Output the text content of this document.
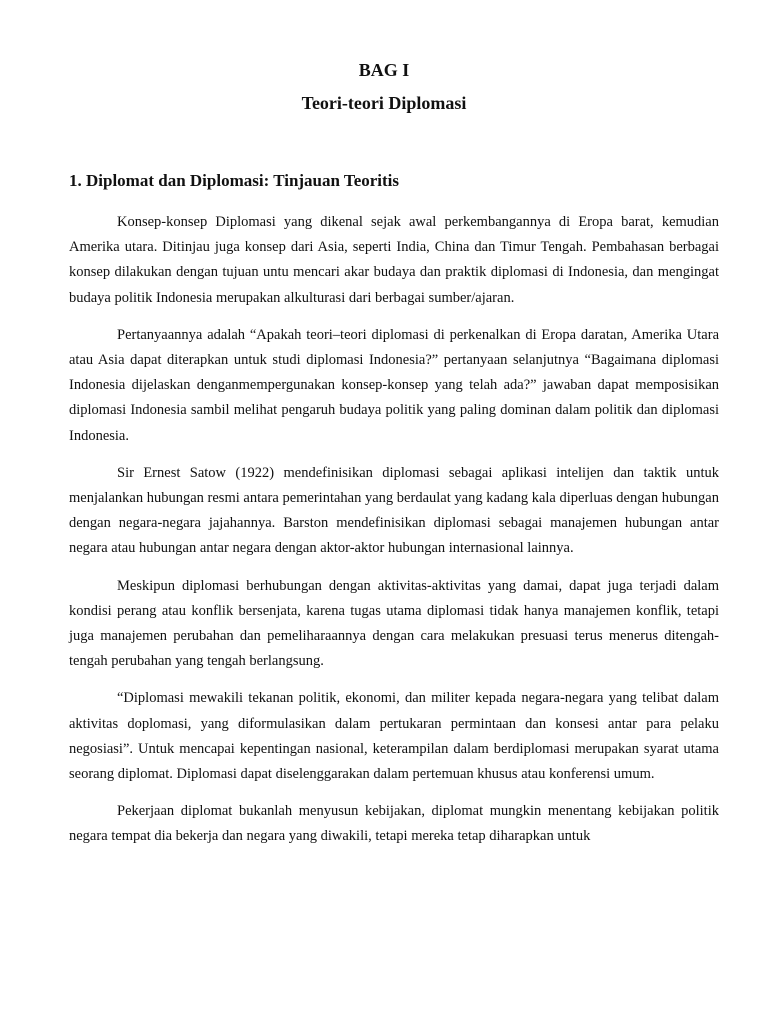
BAG I
Teori-teori Diplomasi
1. Diplomat dan Diplomasi: Tinjauan Teoritis

Konsep-konsep Diplomasi yang dikenal sejak awal perkembangannya di Eropa barat, kemudian Amerika utara. Ditinjau juga konsep dari Asia, seperti India, China dan Timur Tengah. Pembahasan berbagai konsep dilakukan dengan tujuan untu mencari akar budaya dan praktik diplomasi di Indonesia, dan mengingat budaya politik Indonesia merupakan alkulturasi dari berbagai sumber/ajaran.

Pertanyaannya adalah “Apakah teori–teori diplomasi di perkenalkan di Eropa daratan, Amerika Utara atau Asia dapat diterapkan untuk studi diplomasi Indonesia?” pertanyaan selanjutnya “Bagaimana diplomasi Indonesia dijelaskan denganmempergunakan konsep-konsep yang telah ada?” jawaban dapat memposisikan diplomasi Indonesia sambil melihat pengaruh budaya politik yang paling dominan dalam politik dan diplomasi Indonesia.

Sir Ernest Satow (1922) mendefinisikan diplomasi sebagai aplikasi intelijen dan taktik untuk menjalankan hubungan resmi antara pemerintahan yang berdaulat yang kadang kala diperluas dengan hubungan dengan negara-negara jajahannya. Barston mendefinisikan diplomasi sebagai manajemen hubungan antar negara atau hubungan antar negara dengan aktor-aktor hubungan internasional lainnya.

Meskipun diplomasi berhubungan dengan aktivitas-aktivitas yang damai, dapat juga terjadi dalam kondisi perang atau konflik bersenjata, karena tugas utama diplomasi tidak hanya manajemen konflik, tetapi juga manajemen perubahan dan pemeliharaannya dengan cara melakukan presuasi terus menerus ditengah-tengah perubahan yang tengah berlangsung.

“Diplomasi mewakili tekanan politik, ekonomi, dan militer kepada negara-negara yang telibat dalam aktivitas doplomasi, yang diformulasikan dalam pertukaran permintaan dan konsesi antar para pelaku negosiasi”. Untuk mencapai kepentingan nasional, keterampilan dalam berdiplomasi merupakan syarat utama seorang diplomat. Diplomasi dapat diselenggarakan dalam pertemuan khusus atau konferensi umum.

Pekerjaan diplomat bukanlah menyusun kebijakan, diplomat mungkin menentang kebijakan politik negara tempat dia bekerja dan negara yang diwakili, tetapi mereka tetap diharapkan untuk
